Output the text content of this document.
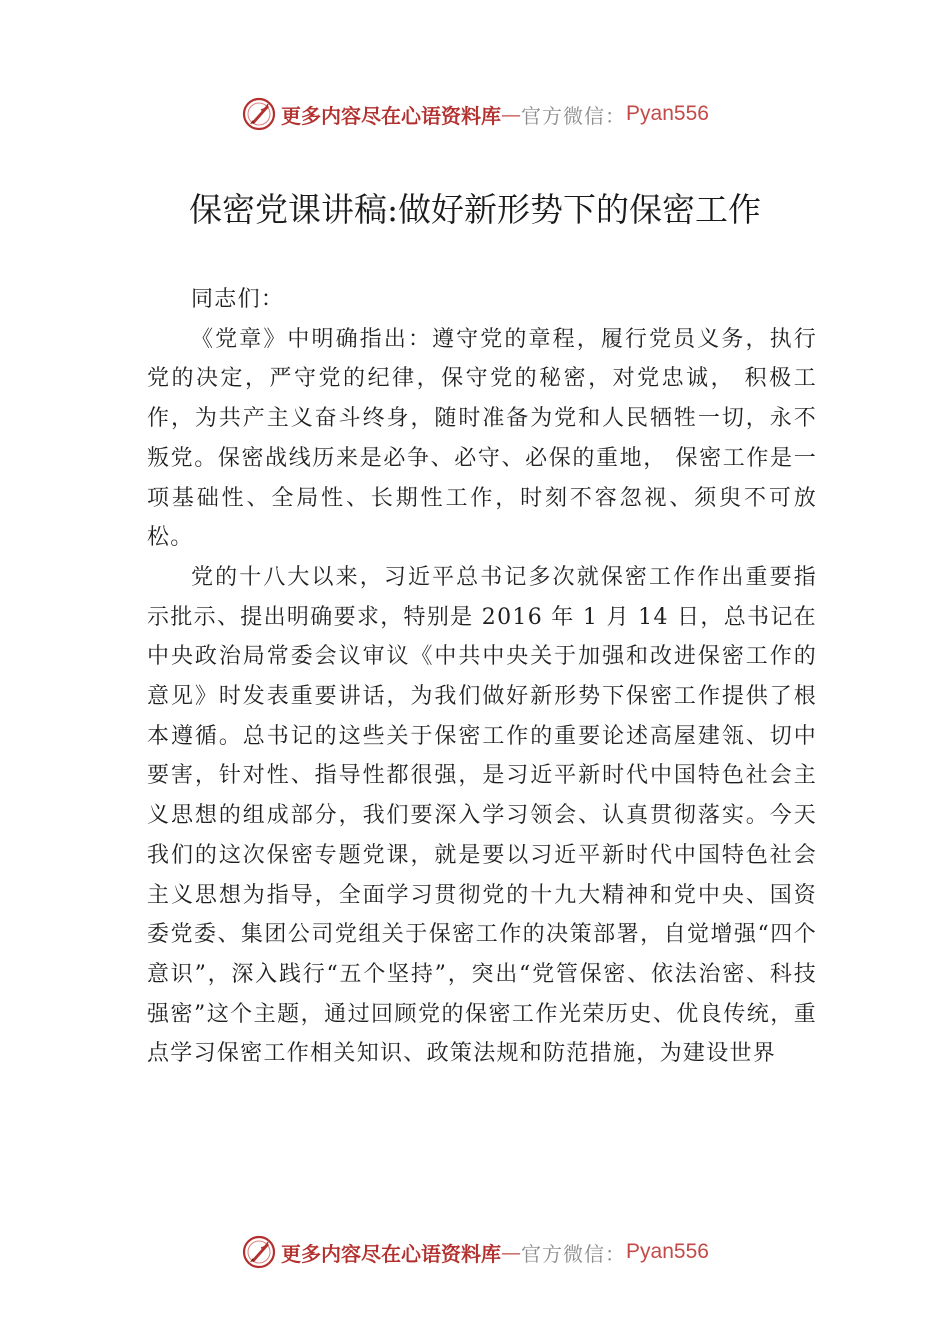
更多内容尽在心语资料库 — 官方微信： Pyan556
保密党课讲稿:做好新形势下的保密工作

同志们：

《党章》中明确指出：遵守党的章程，履行党员义务，执行党的决定，严守党的纪律，保守党的秘密，对党忠诚， 积极工作，为共产主义奋斗终身，随时准备为党和人民牺牲一切，永不叛党。保密战线历来是必争、必守、必保的重地， 保密工作是一项基础性、全局性、长期性工作，时刻不容忽视、须臾不可放松。

党的十八大以来，习近平总书记多次就保密工作作出重要指示批示、提出明确要求，特别是 2016 年 1 月 14 日，总书记在中央政治局常委会议审议《中共中央关于加强和改进保密工作的意见》时发表重要讲话，为我们做好新形势下保密工作提供了根本遵循。总书记的这些关于保密工作的重要论述高屋建瓴、切中要害，针对性、指导性都很强，是习近平新时代中国特色社会主义思想的组成部分，我们要深入学习领会、认真贯彻落实。今天我们的这次保密专题党课，就是要以习近平新时代中国特色社会主义思想为指导，全面学习贯彻党的十九大精神和党中央、国资委党委、集团公司党组关于保密工作的决策部署，自觉增强“四个意识”，深入践行“五个坚持”，突出“党管保密、依法治密、科技强密”这个主题，通过回顾党的保密工作光荣历史、优良传统，重点学习保密工作相关知识、政策法规和防范措施，为建设世界

更多内容尽在心语资料库 — 官方微信： Pyan556
